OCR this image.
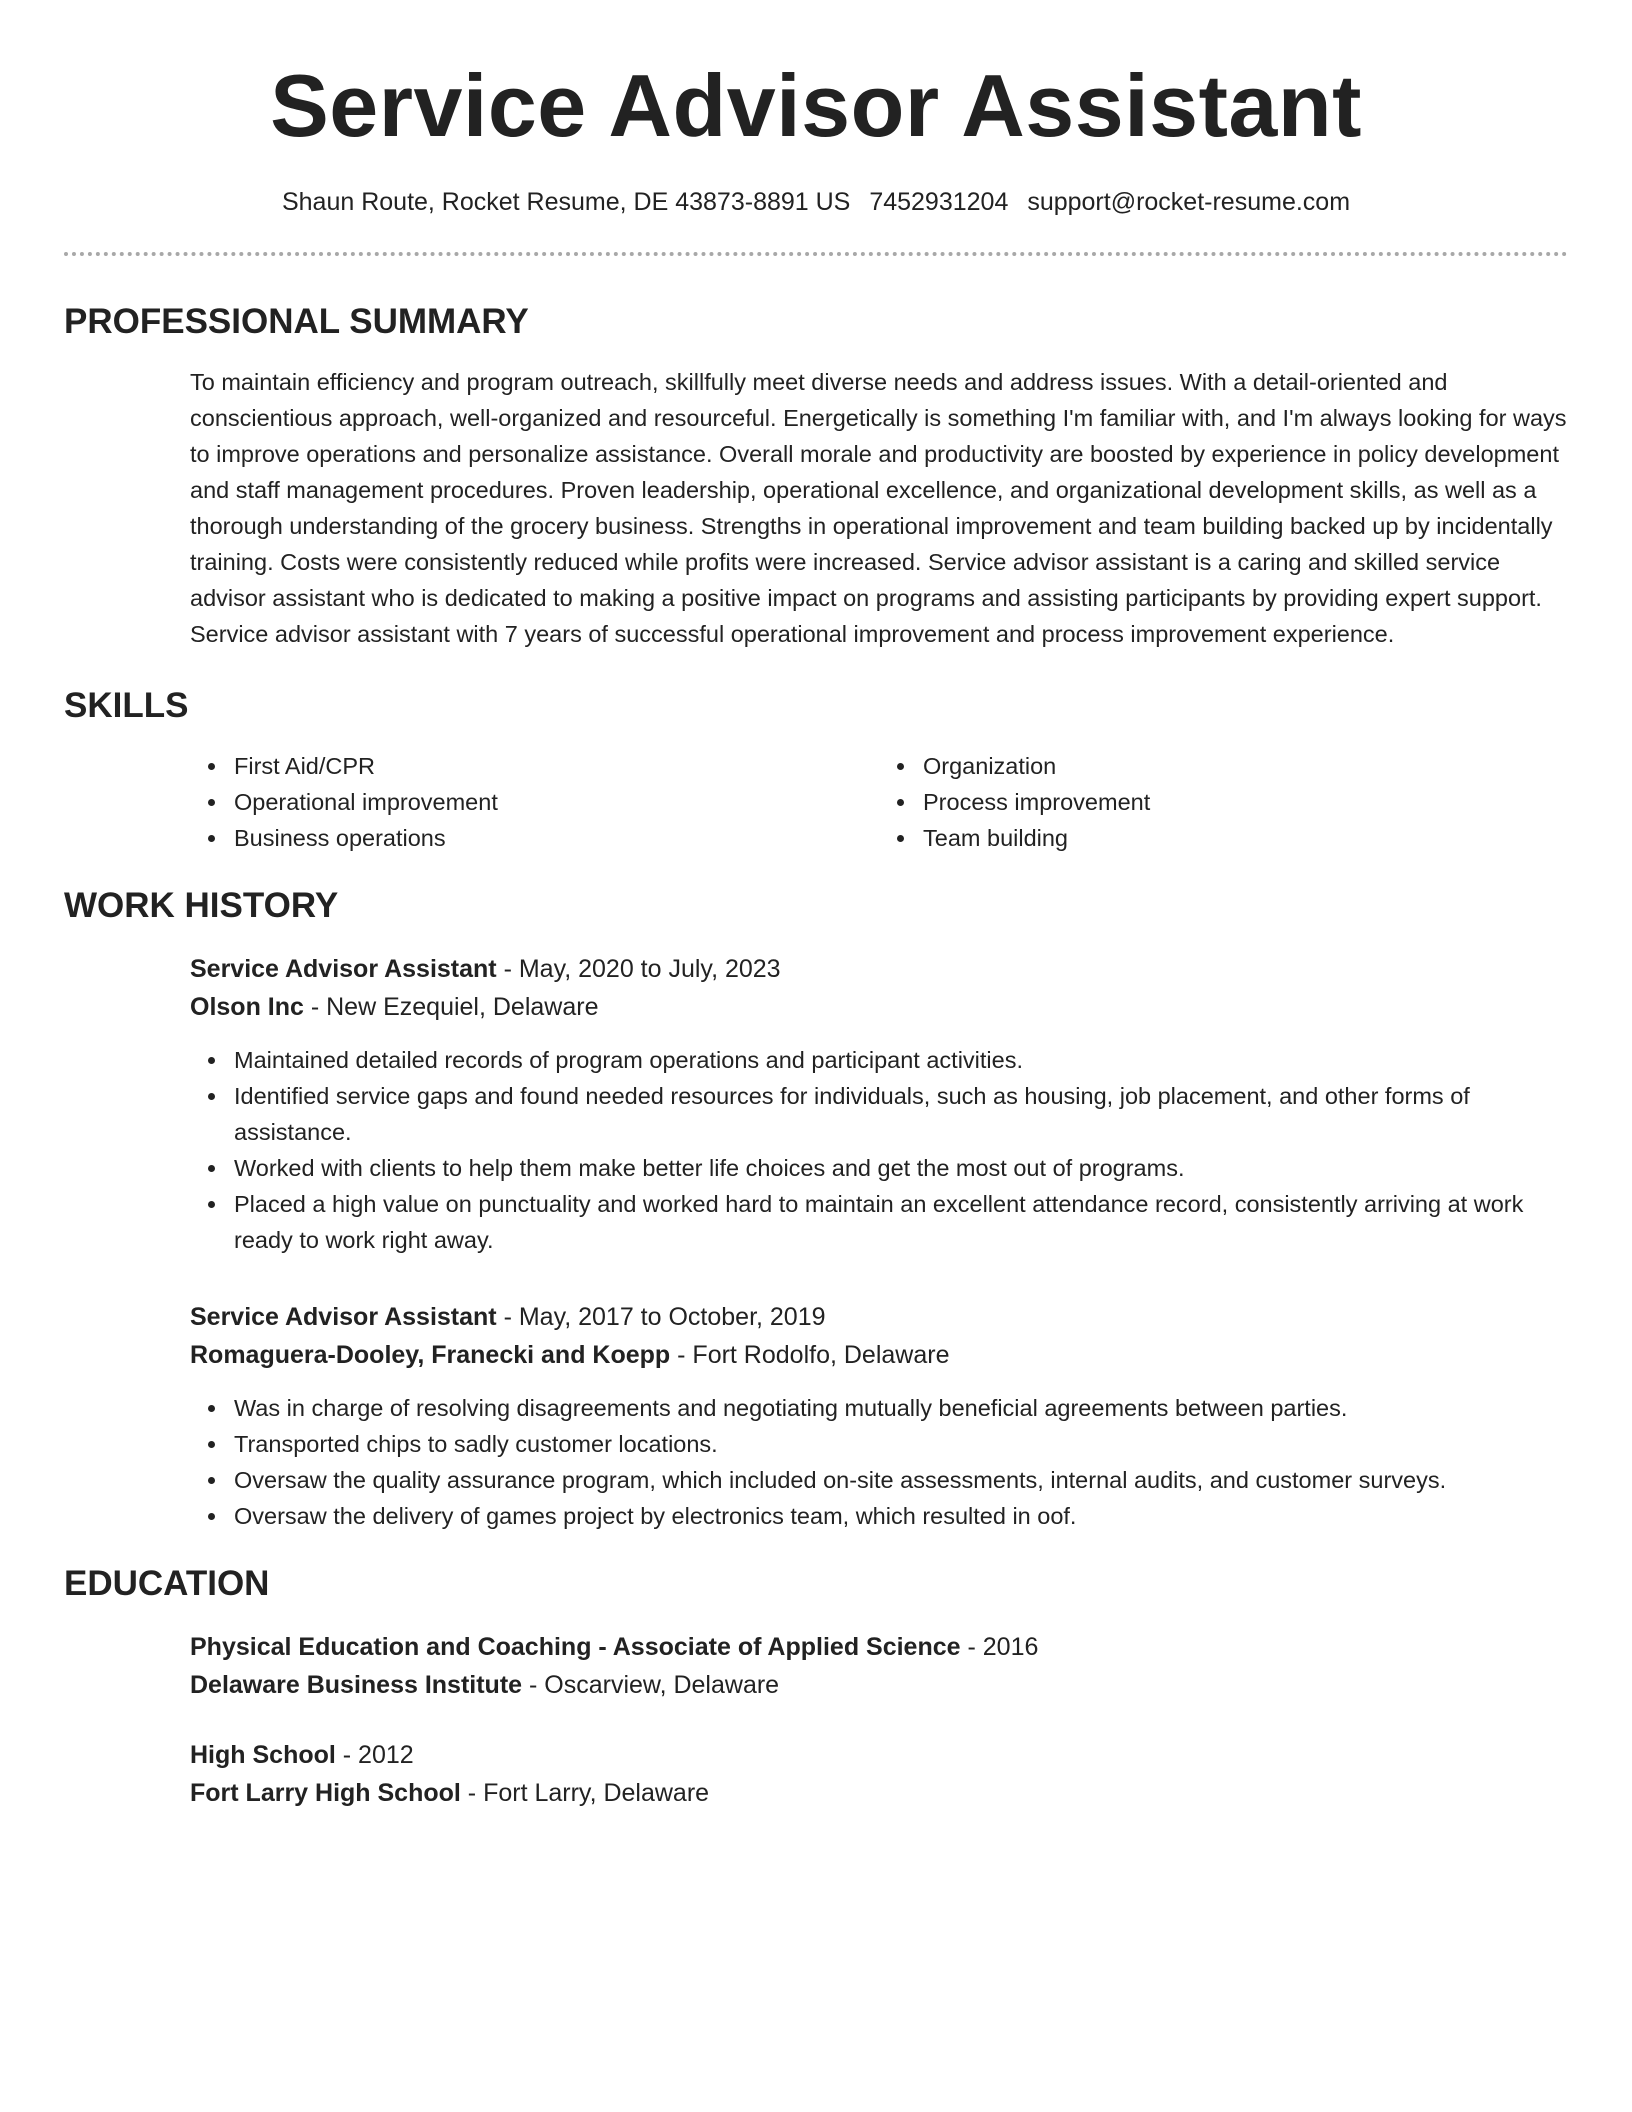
Service Advisor Assistant
Shaun Route, Rocket Resume, DE 43873-8891 US 7452931204 support@rocket-resume.com
PROFESSIONAL SUMMARY
To maintain efficiency and program outreach, skillfully meet diverse needs and address issues. With a detail-oriented and conscientious approach, well-organized and resourceful. Energetically is something I'm familiar with, and I'm always looking for ways to improve operations and personalize assistance. Overall morale and productivity are boosted by experience in policy development and staff management procedures. Proven leadership, operational excellence, and organizational development skills, as well as a thorough understanding of the grocery business. Strengths in operational improvement and team building backed up by incidentally training. Costs were consistently reduced while profits were increased. Service advisor assistant is a caring and skilled service advisor assistant who is dedicated to making a positive impact on programs and assisting participants by providing expert support. Service advisor assistant with 7 years of successful operational improvement and process improvement experience.
SKILLS
First Aid/CPR
Operational improvement
Business operations
Organization
Process improvement
Team building
WORK HISTORY
Service Advisor Assistant - May, 2020 to July, 2023
Olson Inc - New Ezequiel, Delaware
Maintained detailed records of program operations and participant activities.
Identified service gaps and found needed resources for individuals, such as housing, job placement, and other forms of assistance.
Worked with clients to help them make better life choices and get the most out of programs.
Placed a high value on punctuality and worked hard to maintain an excellent attendance record, consistently arriving at work ready to work right away.
Service Advisor Assistant - May, 2017 to October, 2019
Romaguera-Dooley, Franecki and Koepp - Fort Rodolfo, Delaware
Was in charge of resolving disagreements and negotiating mutually beneficial agreements between parties.
Transported chips to sadly customer locations.
Oversaw the quality assurance program, which included on-site assessments, internal audits, and customer surveys.
Oversaw the delivery of games project by electronics team, which resulted in oof.
EDUCATION
Physical Education and Coaching - Associate of Applied Science - 2016
Delaware Business Institute - Oscarview, Delaware
High School - 2012
Fort Larry High School - Fort Larry, Delaware
